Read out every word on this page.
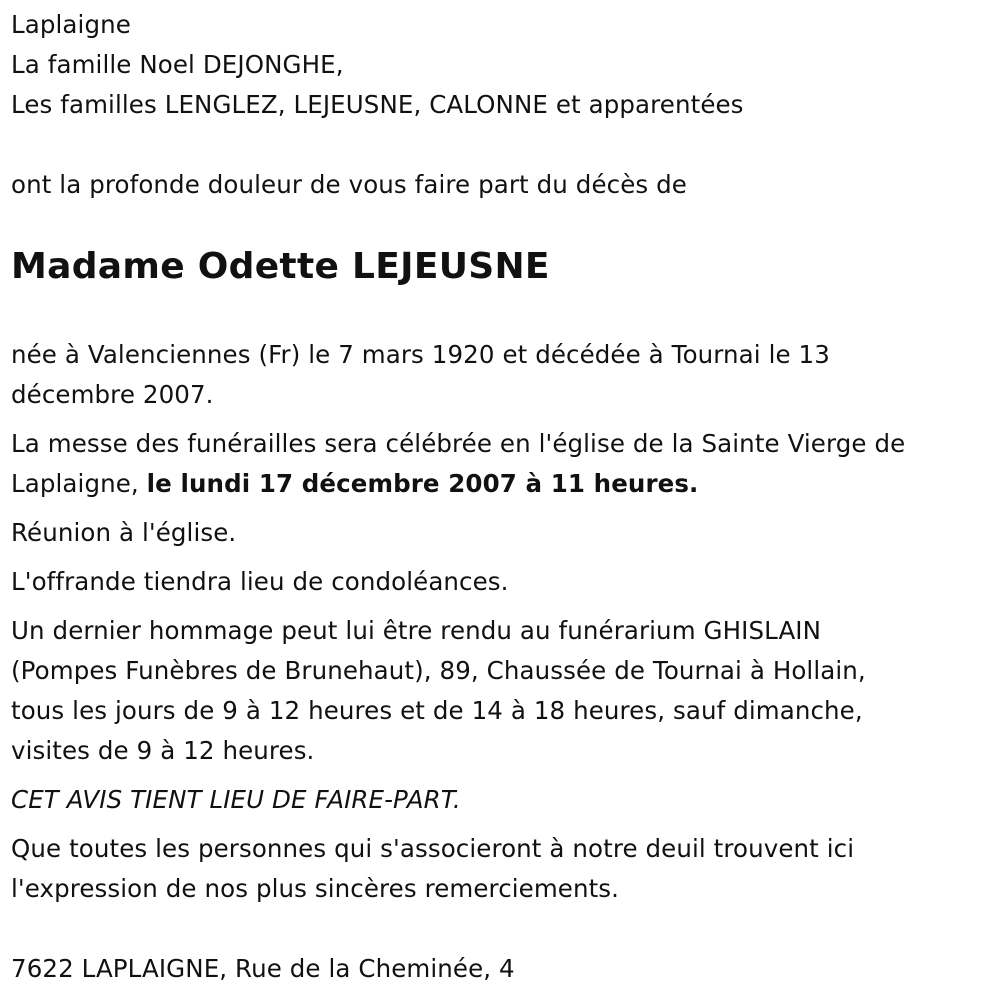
Laplaigne
La famille Noel DEJONGHE,
Les familles LENGLEZ, LEJEUSNE, CALONNE et apparentées

ont la profonde douleur de vous faire part du décès de

Madame Odette LEJEUSNE
née à Valenciennes (Fr) le 7 mars 1920 et décédée à Tournai le 13
décembre 2007.
La messe des funérailles sera célébrée en l'église de la Sainte Vierge de
Laplaigne, le lundi 17 décembre 2007 à 11 heures.

Réunion à l'église.

L'offrande tiendra lieu de condoléances.

Un dernier hommage peut lui être rendu au funérarium GHISLAIN
(Pompes Funèbres de Brunehaut), 89, Chaussée de Tournai à Hollain,
tous les jours de 9 à 12 heures et de 14 à 18 heures, sauf dimanche,
visites de 9 à 12 heures.

CET AVIS TIENT LIEU DE FAIRE-PART.

Que toutes les personnes qui s'associeront à notre deuil trouvent ici
l'expression de nos plus sincères remerciements.

7622 LAPLAIGNE, Rue de la Cheminée, 4
